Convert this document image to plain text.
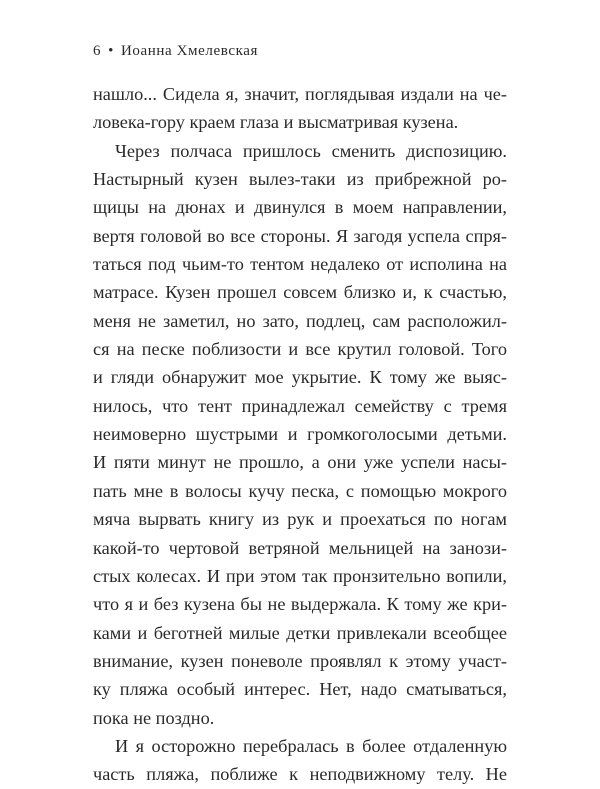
6 • Иоанна Хмелевская
нашло... Сидела я, значит, поглядывая издали на че-
ловека-гору краем глаза и высматривая кузена.
Через полчаса пришлось сменить диспозицию.
Настырный кузен вылез-таки из прибрежной ро-
щицы на дюнах и двинулся в моем направлении,
вертя головой во все стороны. Я загодя успела спря-
таться под чьим-то тентом недалеко от исполина на
матрасе. Кузен прошел совсем близко и, к счастью,
меня не заметил, но зато, подлец, сам расположил-
ся на песке поблизости и все крутил головой. Того
и гляди обнаружит мое укрытие. К тому же выяс-
нилось, что тент принадлежал семейству с тремя
неимоверно шустрыми и громкоголосыми детьми.
И пяти минут не прошло, а они уже успели насы-
пать мне в волосы кучу песка, с помощью мокрого
мяча вырвать книгу из рук и проехаться по ногам
какой-то чертовой ветряной мельницей на занози-
стых колесах. И при этом так пронзительно вопили,
что я и без кузена бы не выдержала. К тому же кри-
ками и беготней милые детки привлекали всеобщее
внимание, кузен поневоле проявлял к этому участ-
ку пляжа особый интерес. Нет, надо сматываться,
пока не поздно.
И я осторожно перебралась в более отдаленную
часть пляжа, поближе к неподвижному телу. Не
